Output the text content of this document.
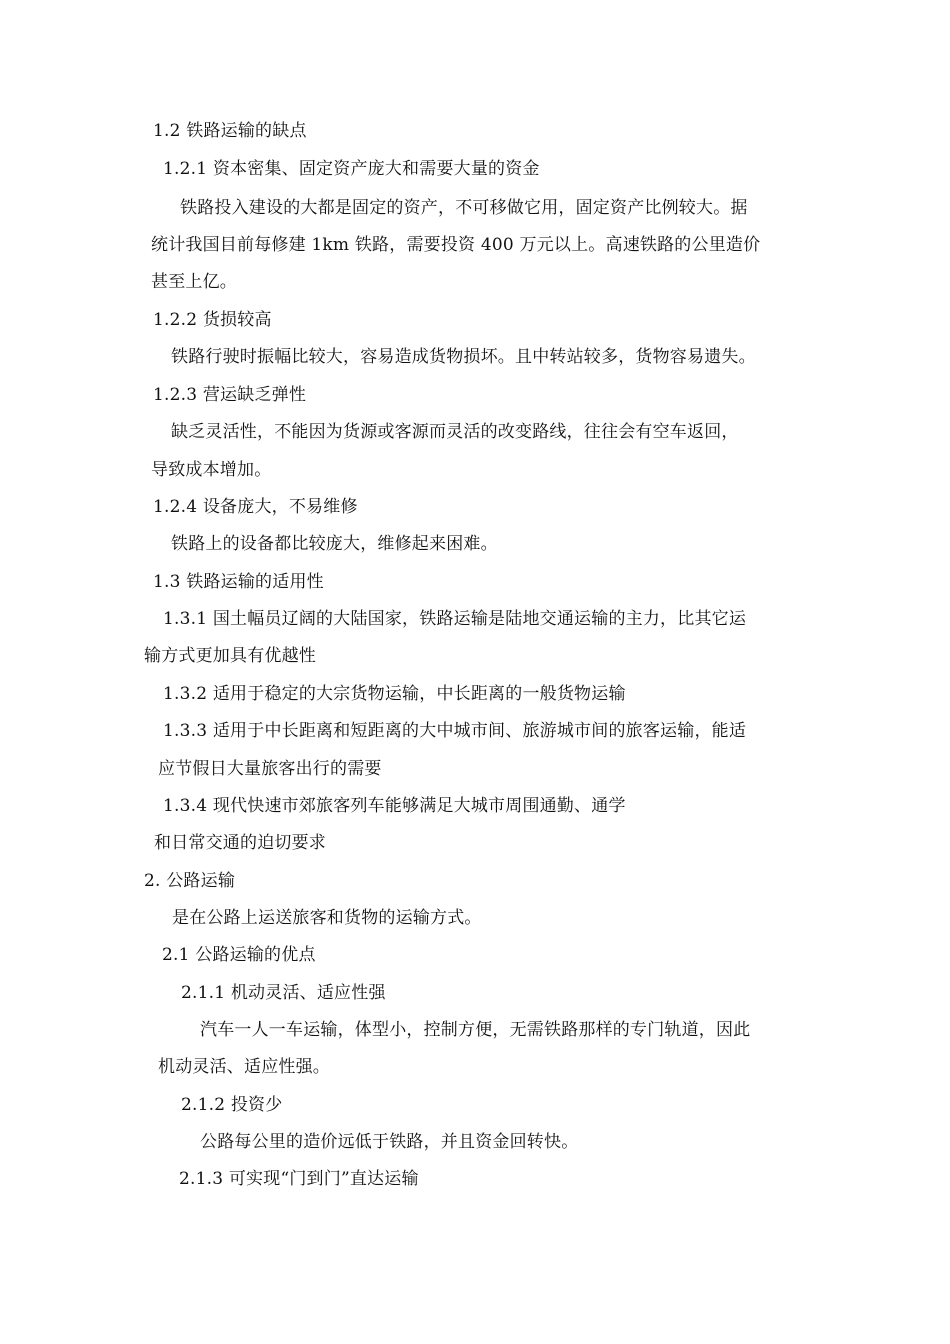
1.2 铁路运输的缺点
1.2.1 资本密集、固定资产庞大和需要大量的资金
铁路投入建设的大都是固定的资产，不可移做它用，固定资产比例较大。据
统计我国目前每修建 1km 铁路，需要投资 400 万元以上。高速铁路的公里造价
甚至上亿。
1.2.2 货损较高
铁路行驶时振幅比较大，容易造成货物损坏。且中转站较多，货物容易遗失。
1.2.3 营运缺乏弹性
缺乏灵活性，不能因为货源或客源而灵活的改变路线，往往会有空车返回，
导致成本增加。
1.2.4 设备庞大，不易维修
铁路上的设备都比较庞大，维修起来困难。
1.3 铁路运输的适用性
1.3.1 国土幅员辽阔的大陆国家，铁路运输是陆地交通运输的主力，比其它运
输方式更加具有优越性
1.3.2 适用于稳定的大宗货物运输，中长距离的一般货物运输
1.3.3 适用于中长距离和短距离的大中城市间、旅游城市间的旅客运输，能适
应节假日大量旅客出行的需要
1.3.4 现代快速市郊旅客列车能够满足大城市周围通勤、通学
和日常交通的迫切要求
2. 公路运输
是在公路上运送旅客和货物的运输方式。
2.1 公路运输的优点
2.1.1 机动灵活、适应性强
汽车一人一车运输，体型小，控制方便，无需铁路那样的专门轨道，因此
机动灵活、适应性强。
2.1.2 投资少
公路每公里的造价远低于铁路，并且资金回转快。
2.1.3 可实现“门到门”直达运输
